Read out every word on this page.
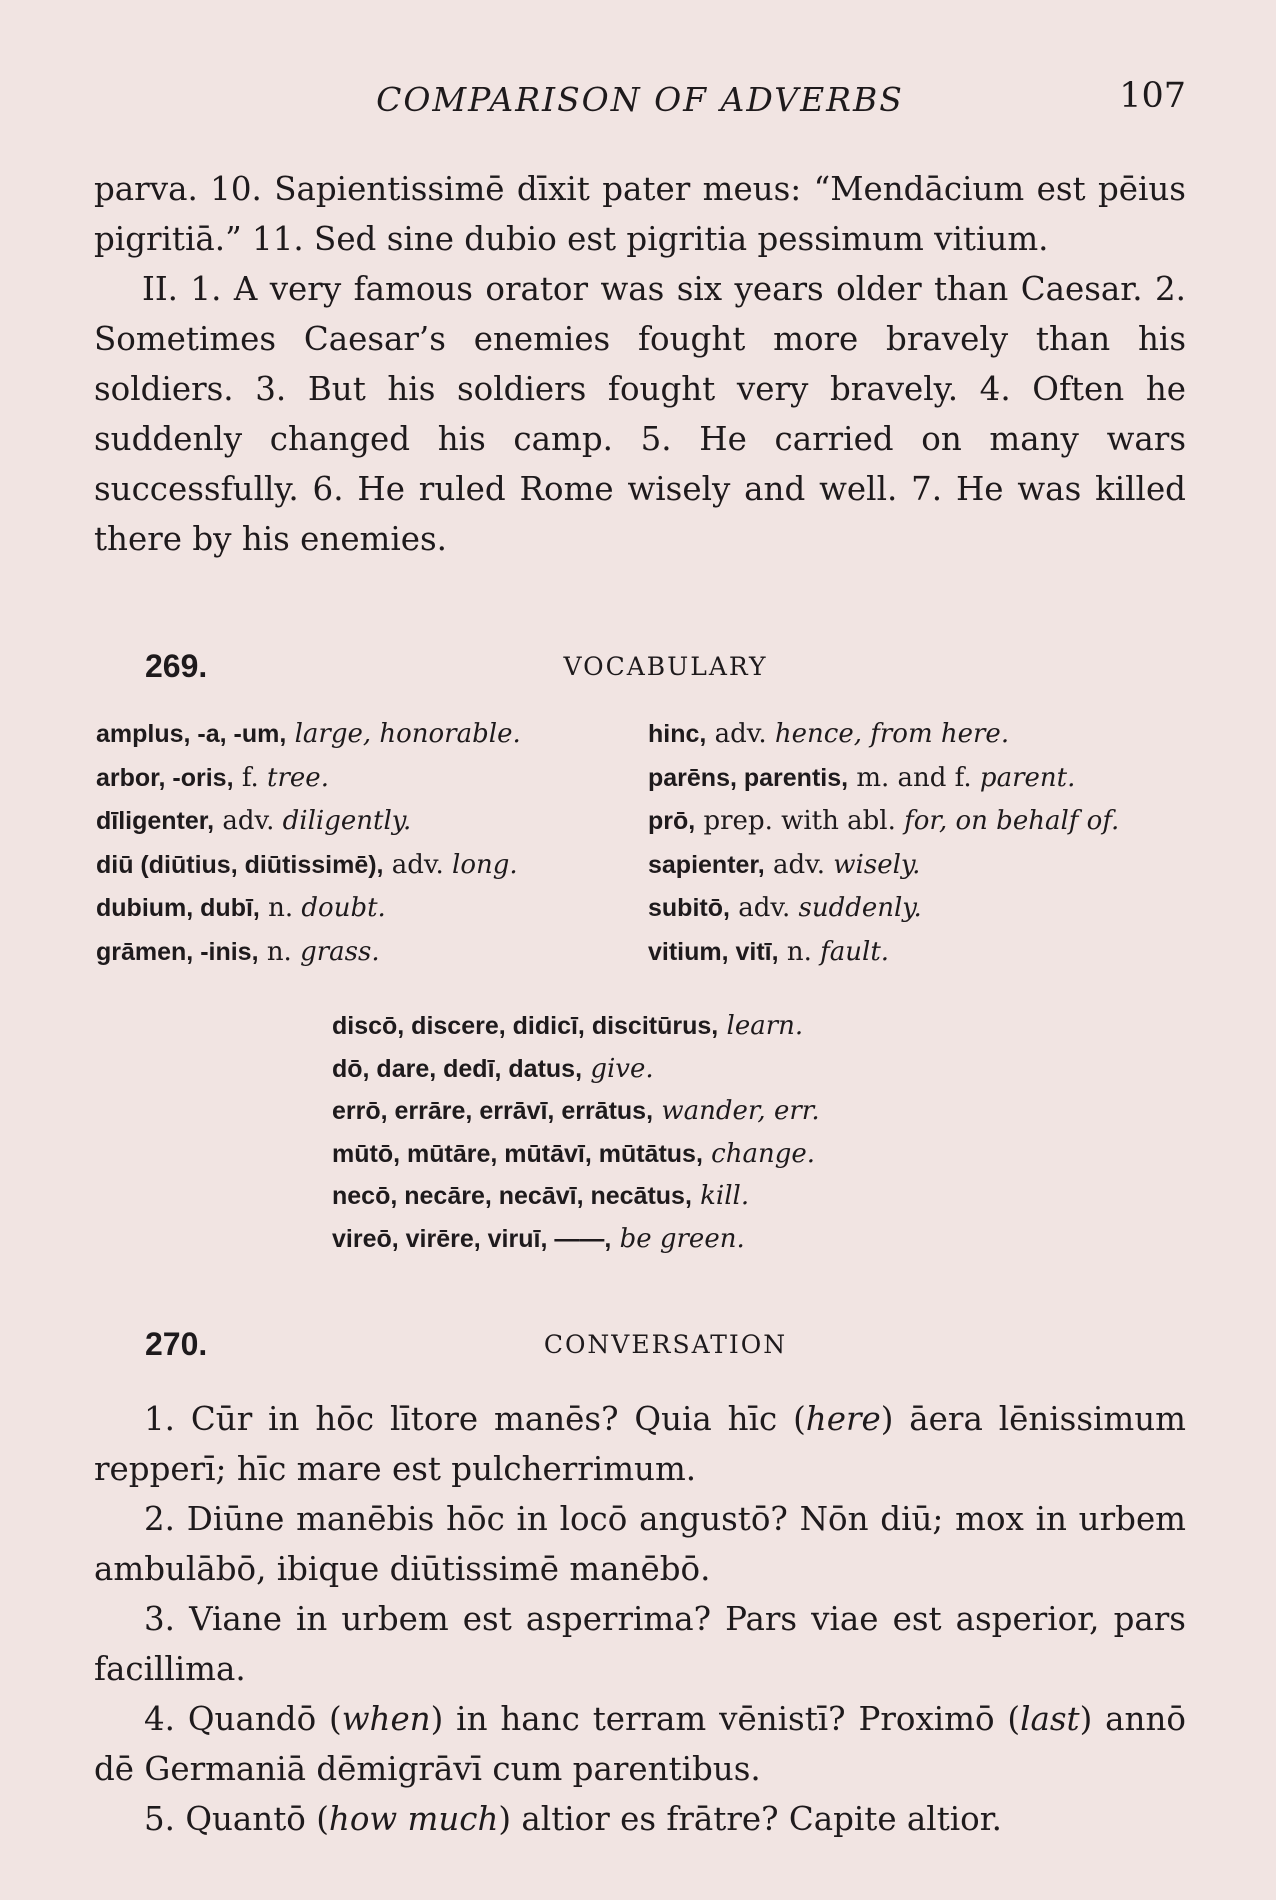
COMPARISON OF ADVERBS	107

parva. 10. Sapientissimē dīxit pater meus: “Mendācium est pēius pigritiā.” 11. Sed sine dubio est pigritia pessimum vitium.

II. 1. A very famous orator was six years older than Caesar. 2. Sometimes Caesar’s enemies fought more bravely than his soldiers. 3. But his soldiers fought very bravely. 4. Often he suddenly changed his camp. 5. He carried on many wars successfully. 6. He ruled Rome wisely and well. 7. He was killed there by his enemies.

269.	VOCABULARY
amplus, -a, -um, large, honorable.	hinc, adv. hence, from here.
arbor, -oris, f. tree.	parēns, parentis, m. and f. parent.
dīligenter, adv. diligently.	prō, prep. with abl. for, on behalf of.
diū (diūtius, diūtissimē), adv. long.	sapienter, adv. wisely.
dubium, dubī, n. doubt.	subitō, adv. suddenly.
grāmen, -inis, n. grass.	vitium, vitī, n. fault.
discō, discere, didicī, discitūrus, learn.
dō, dare, dedī, datus, give.
errō, errāre, errāvī, errātus, wander, err.
mūtō, mūtāre, mūtāvī, mūtātus, change.
necō, necāre, necāvī, necātus, kill.
vireō, virēre, viruī, ——, be green.
270.	CONVERSATION

1. Cūr in hōc lītore manēs? Quia hīc (here) āera lēnissimum repperī; hīc mare est pulcherrimum.

2. Diūne manēbis hōc in locō angustō? Nōn diū; mox in urbem ambulābō, ibique diūtissimē manēbō.

3. Viane in urbem est asperrima? Pars viae est asperior, pars facillima.

4. Quandō (when) in hanc terram vēnistī? Proximō (last) annō dē Germaniā dēmigrāvī cum parentibus.

5. Quantō (how much) altior es frātre? Capite altior.
